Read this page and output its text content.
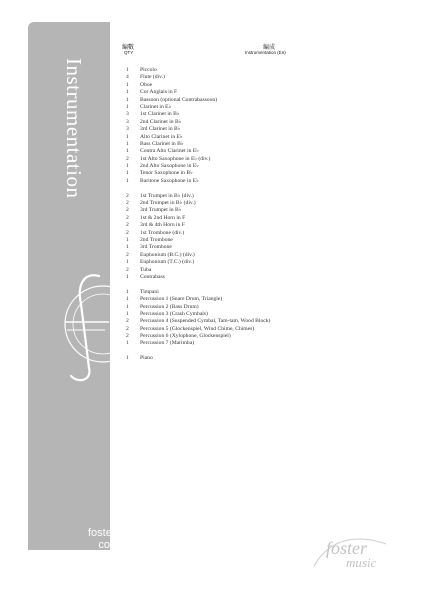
Instrumentation
fostermusic
collection
編數
QTY
編成
Instrumentation (En)
1	Piccolo
4	Flute (div.)
1	Oboe
1	Cor Anglais in F
1	Bassoon (optional Contrabassoon)
1	Clarinet in E♭
3	1st Clarinet in B♭
3	2nd Clarinet in B♭
3	3rd Clarinet in B♭
1	Alto Clarinet in E♭
1	Bass Clarinet in B♭
1	Contra Alto Clarinet in E♭
2	1st Alto Saxophone in E♭ (div.)
1	2nd Alto Saxophone in E♭
1	Tenor Saxophone in B♭
1	Baritone Saxophone in E♭
2	1st Trumpet in B♭ (div.)
2	2nd Trumpet in B♭ (div.)
2	3rd Trumpet in B♭
2	1st & 2nd Horn in F
2	3rd & 4th Horn in F
2	1st Trombone (div.)
1	2nd Trombone
1	3rd Trombone
2	Euphonium (B.C.) (div.)
1	Euphonium (T.C.) (div.)
2	Tuba
1	Contrabass
1	Timpani
1	Percussion 1 (Snare Drum, Triangle)
1	Percussion 2 (Bass Drum)
1	Percussion 3 (Crash Cymbals)
2	Percussion 4 (Suspended Cymbal, Tam-tam, Wood Block)
2	Percussion 5 (Glockenspiel, Wind Chime, Chimes)
2	Percussion 6 (Xylophone, Glockenspiel)
1	Percussion 7 (Marimba)
1	Piano
foster
music
